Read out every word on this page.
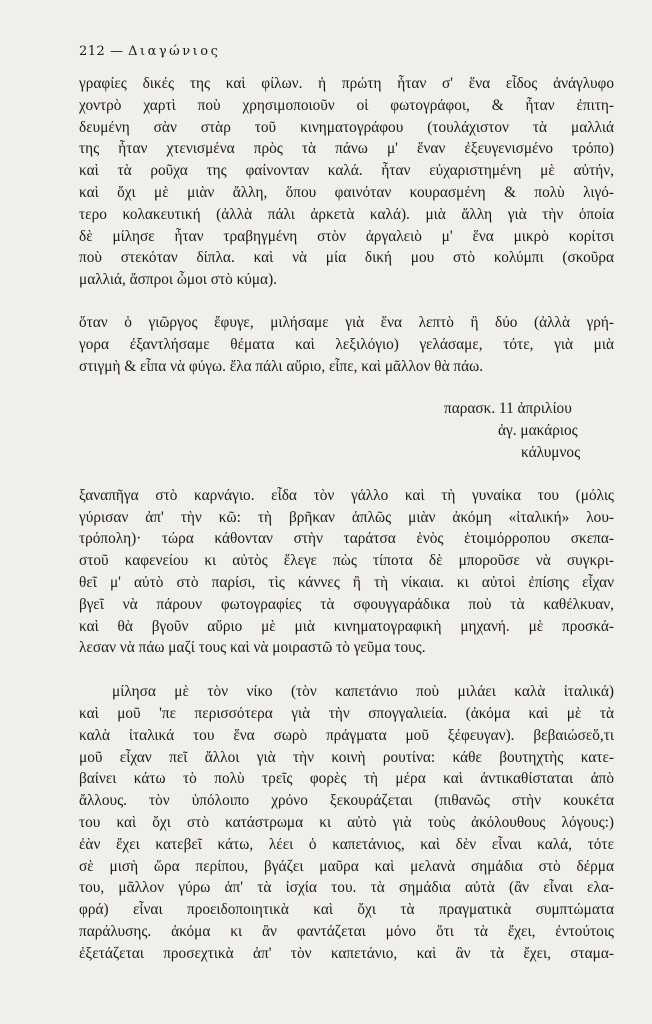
212 — Διαγώνιος
γραφίες δικές της καὶ φίλων. ἡ πρώτη ἦταν σ' ἕνα εἶδος ἀνάγλυφο
χοντρὸ χαρτὶ ποὺ χρησιμοποιοῦν οἱ φωτογράφοι, & ἦταν ἐπιτη-
δευμένη σὰν στὰρ τοῦ κινηματογράφου (τουλάχιστον τὰ μαλλιά
της ἦταν χτενισμένα πρὸς τὰ πάνω μ' ἕναν ἐξευγενισμένο τρόπο)
καὶ τὰ ροῦχα της φαίνονταν καλά. ἦταν εὐχαριστημένη μὲ αὐτήν,
καὶ ὄχι μὲ μιὰν ἄλλη, ὅπου φαινόταν κουρασμένη & πολὺ λιγό-
τερο κολακευτική (ἀλλὰ πάλι ἀρκετὰ καλά). μιὰ ἄλλη γιὰ τὴν ὁποία
δὲ μίλησε ἦταν τραβηγμένη στὸν ἀργαλειὸ μ' ἕνα μικρὸ κορίτσι
ποὺ στεκόταν δίπλα. καὶ νὰ μία δική μου στὸ κολύμπι (σκοῦρα
μαλλιά, ἄσπροι ὦμοι στὸ κύμα).
ὅταν ὁ γιῶργος ἔφυγε, μιλήσαμε γιὰ ἕνα λεπτὸ ἢ δύο (ἀλλὰ γρή-
γορα ἐξαντλήσαμε θέματα καὶ λεξιλόγιο) γελάσαμε, τότε, γιὰ μιὰ
στιγμὴ & εἶπα νὰ φύγω. ἔλα πάλι αὔριο, εἶπε, καὶ μᾶλλον θὰ πάω.
παρασκ. 11 ἀπριλίου
ἁγ. μακάριος
κάλυμνος
ξαναπῆγα στὸ καρνάγιο. εἶδα τὸν γάλλο καὶ τὴ γυναίκα του (μόλις
γύρισαν ἀπ' τὴν κῶ: τὴ βρῆκαν ἁπλῶς μιὰν ἀκόμη «ἰταλική» λου-
τρόπολη)· τώρα κάθονταν στὴν ταράτσα ἑνὸς ἑτοιμόρροπου σκεπα-
στοῦ καφενείου κι αὐτὸς ἔλεγε πὼς τίποτα δὲ μποροῦσε νὰ συγκρι-
θεῖ μ' αὐτὸ στὸ παρίσι, τὶς κάννες ἢ τὴ νίκαια. κι αὐτοὶ ἐπίσης εἶχαν
βγεῖ νὰ πάρουν φωτογραφίες τὰ σφουγγαράδικα ποὺ τὰ καθέλκυαν,
καὶ θὰ βγοῦν αὔριο μὲ μιὰ κινηματογραφικὴ μηχανή. μὲ προσκά-
λεσαν νὰ πάω μαζί τους καὶ νὰ μοιραστῶ τὸ γεῦμα τους.
μίλησα μὲ τὸν νίκο (τὸν καπετάνιο ποὺ μιλάει καλὰ ἰταλικά)
καὶ μοῦ 'πε περισσότερα γιὰ τὴν σπογγαλιεία. (ἀκόμα καὶ μὲ τὰ
καλὰ ἰταλικά του ἕνα σωρὸ πράγματα μοῦ ξέφευγαν). βεβαιώσεὅ,τι
μοῦ εἶχαν πεῖ ἄλλοι γιὰ τὴν κοινὴ ρουτίνα: κάθε βουτηχτὴς κατε-
βαίνει κάτω τὸ πολὺ τρεῖς φορὲς τὴ μέρα καὶ ἀντικαθίσταται ἀπὸ
ἄλλους. τὸν ὑπόλοιπο χρόνο ξεκουράζεται (πιθανῶς στὴν κουκέτα
του καὶ ὄχι στὸ κατάστρωμα κι αὐτὸ γιὰ τοὺς ἀκόλουθους λόγους:)
ἐὰν ἔχει κατεβεῖ κάτω, λέει ὁ καπετάνιος, καὶ δὲν εἶναι καλά, τότε
σὲ μισὴ ὥρα περίπου, βγάζει μαῦρα καὶ μελανὰ σημάδια στὸ δέρμα
του, μᾶλλον γύρω ἀπ' τὰ ἰσχία του. τὰ σημάδια αὐτὰ (ἂν εἶναι ελα-
φρά) εἶναι προειδοποιητικὰ καὶ ὄχι τὰ πραγματικὰ συμπτώματα
παράλυσης. ἀκόμα κι ἂν φαντάζεται μόνο ὅτι τὰ ἔχει, ἐντούτοις
ἐξετάζεται προσεχτικὰ ἀπ' τὸν καπετάνιο, καὶ ἂν τὰ ἔχει, σταμα-
